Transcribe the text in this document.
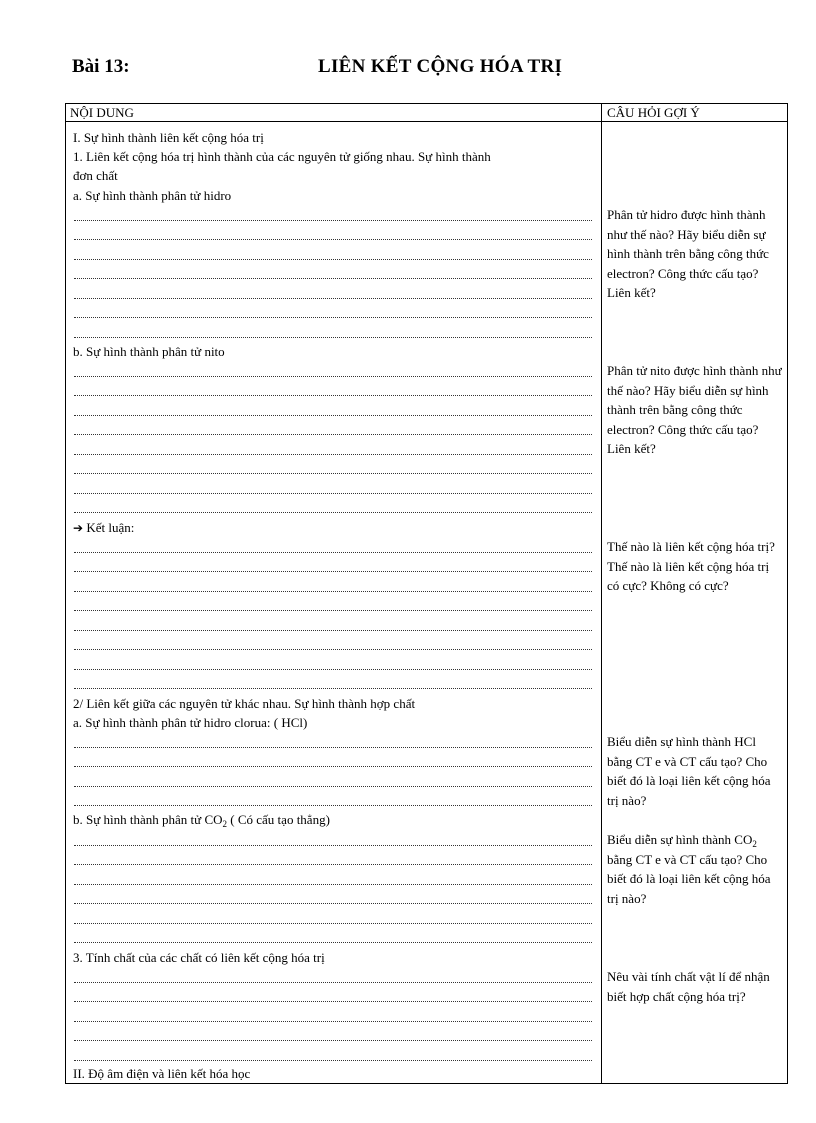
Bài 13:	LIÊN KẾT CỘNG HÓA TRỊ
NỘI DUNG	CÂU HỎI GỢI Ý
I. Sự hình thành liên kết cộng hóa trị
1. Liên kết cộng hóa trị hình thành của các nguyên tử giống nhau. Sự hình thành
đơn chất
a. Sự hình thành phân tử hidro
b. Sự hình thành phân tử nito
➔ Kết luận:
2/ Liên kết giữa các nguyên tử khác nhau. Sự hình thành hợp chất
a. Sự hình thành phân tử hidro clorua: ( HCl)
b. Sự hình thành phân tử $CO_2$ ( Có cấu tạo thẳng)
3. Tính chất của các chất có liên kết cộng hóa trị
II. Độ âm điện và liên kết hóa học
Phân tử hidro được hình thành như thế nào? Hãy biểu diễn sự hình thành trên bằng công thức electron? Công thức cấu tạo? Liên kết?
Phân tử nito được hình thành như thế nào? Hãy biểu diễn sự hình thành trên bằng công thức electron? Công thức cấu tạo? Liên kết?
Thế nào là liên kết cộng hóa trị? Thế nào là liên kết cộng hóa trị có cực? Không có cực?
Biểu diễn sự hình thành HCl bằng CT e và CT cấu tạo? Cho biết đó là loại liên kết cộng hóa trị nào?
Biểu diễn sự hình thành $CO_2$ bằng CT e và CT cấu tạo? Cho biết đó là loại liên kết cộng hóa trị nào?
Nêu vài tính chất vật lí để nhận biết hợp chất cộng hóa trị?
